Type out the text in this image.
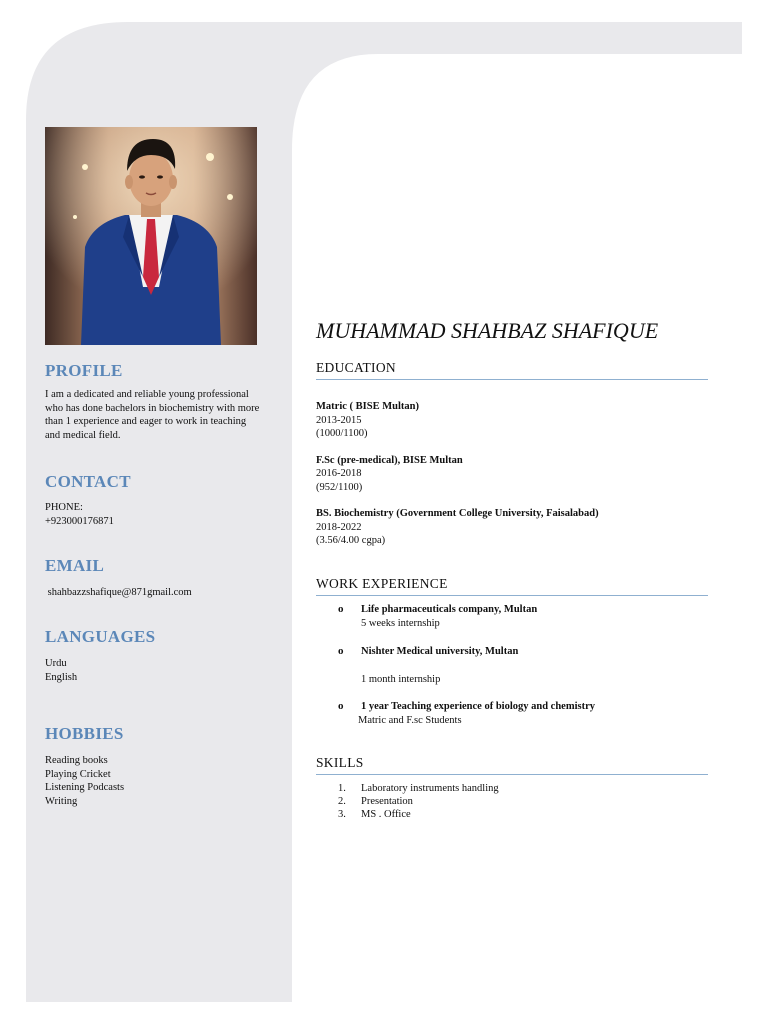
PROFILE

I am a dedicated and reliable young professional who has done bachelors in biochemistry with more than 1 experience and eager to work in teaching and medical field.

CONTACT

PHONE:

+923000176871

EMAIL

shahbazzshafique@871gmail.com

LANGUAGES

Urdu

English

HOBBIES

Reading books

Playing Cricket

Listening Podcasts

Writing

MUHAMMAD SHAHBAZ SHAFIQUE
EDUCATION
Matric ( BISE Multan)
2013-2015
(1000/1100)
F.Sc (pre-medical), BISE Multan
2016-2018
(952/1100)
BS. Biochemistry (Government College University, Faisalabad)
2018-2022
(3.56/4.00 cgpa)
WORK EXPERIENCE
o Life pharmaceuticals company, Multan
5 weeks internship
o Nishter Medical university, Multan
1 month internship
o 1 year Teaching experience of biology and chemistry
Matric and F.sc Students
SKILLS
1. Laboratory instruments handling
2. Presentation
3. MS . Office
